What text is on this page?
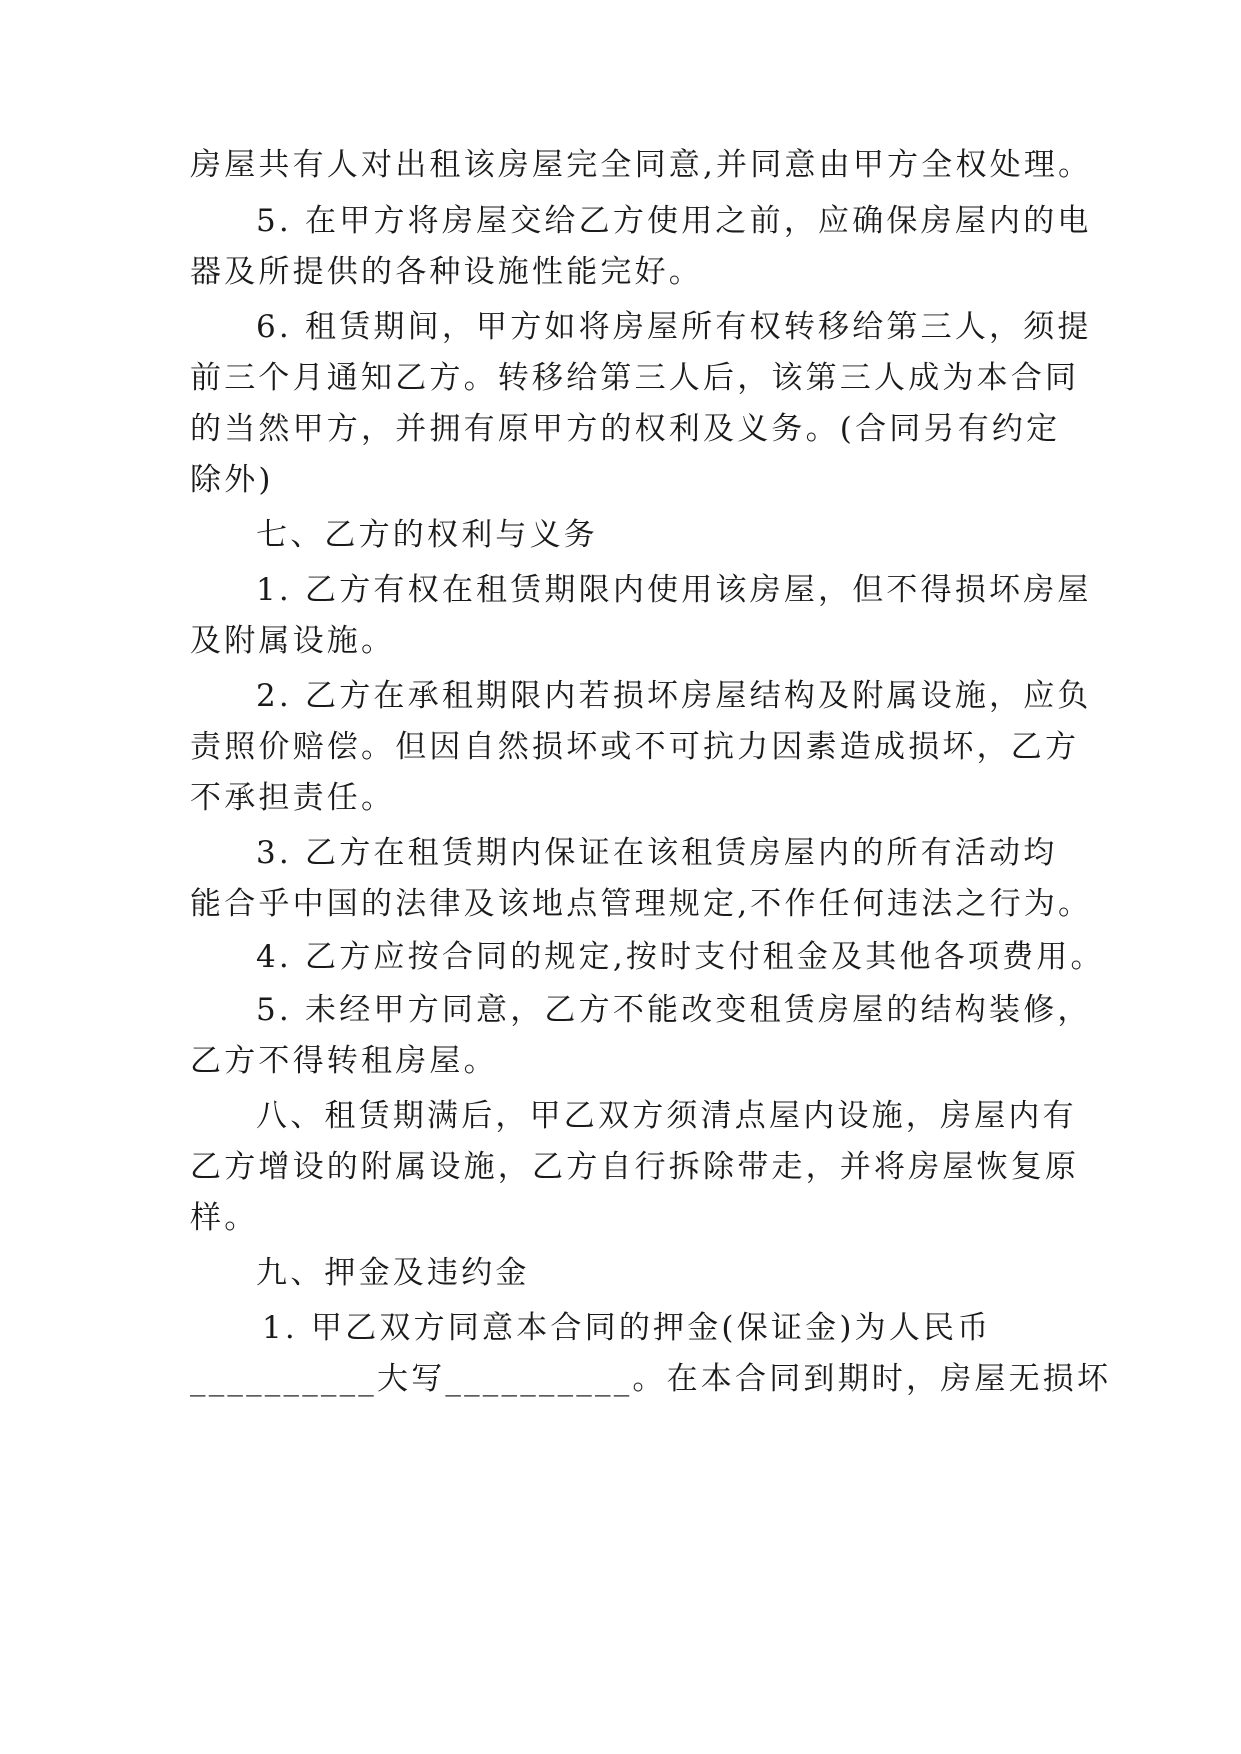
房屋共有人对出租该房屋完全同意,并同意由甲方全权处理。
5. 在甲方将房屋交给乙方使用之前，应确保房屋内的电
器及所提供的各种设施性能完好。
6. 租赁期间，甲方如将房屋所有权转移给第三人，须提
前三个月通知乙方。转移给第三人后，该第三人成为本合同
的当然甲方，并拥有原甲方的权利及义务。(合同另有约定
除外)
七、乙方的权利与义务
1. 乙方有权在租赁期限内使用该房屋，但不得损坏房屋
及附属设施。
2. 乙方在承租期限内若损坏房屋结构及附属设施，应负
责照价赔偿。但因自然损坏或不可抗力因素造成损坏，乙方
不承担责任。
3. 乙方在租赁期内保证在该租赁房屋内的所有活动均
能合乎中国的法律及该地点管理规定,不作任何违法之行为。
4. 乙方应按合同的规定,按时支付租金及其他各项费用。
5. 未经甲方同意，乙方不能改变租赁房屋的结构装修，
乙方不得转租房屋。
八、租赁期满后，甲乙双方须清点屋内设施，房屋内有
乙方增设的附属设施，乙方自行拆除带走，并将房屋恢复原
样。
九、押金及违约金
1. 甲乙双方同意本合同的押金(保证金)为人民币
__________大写__________。在本合同到期时，房屋无损坏
